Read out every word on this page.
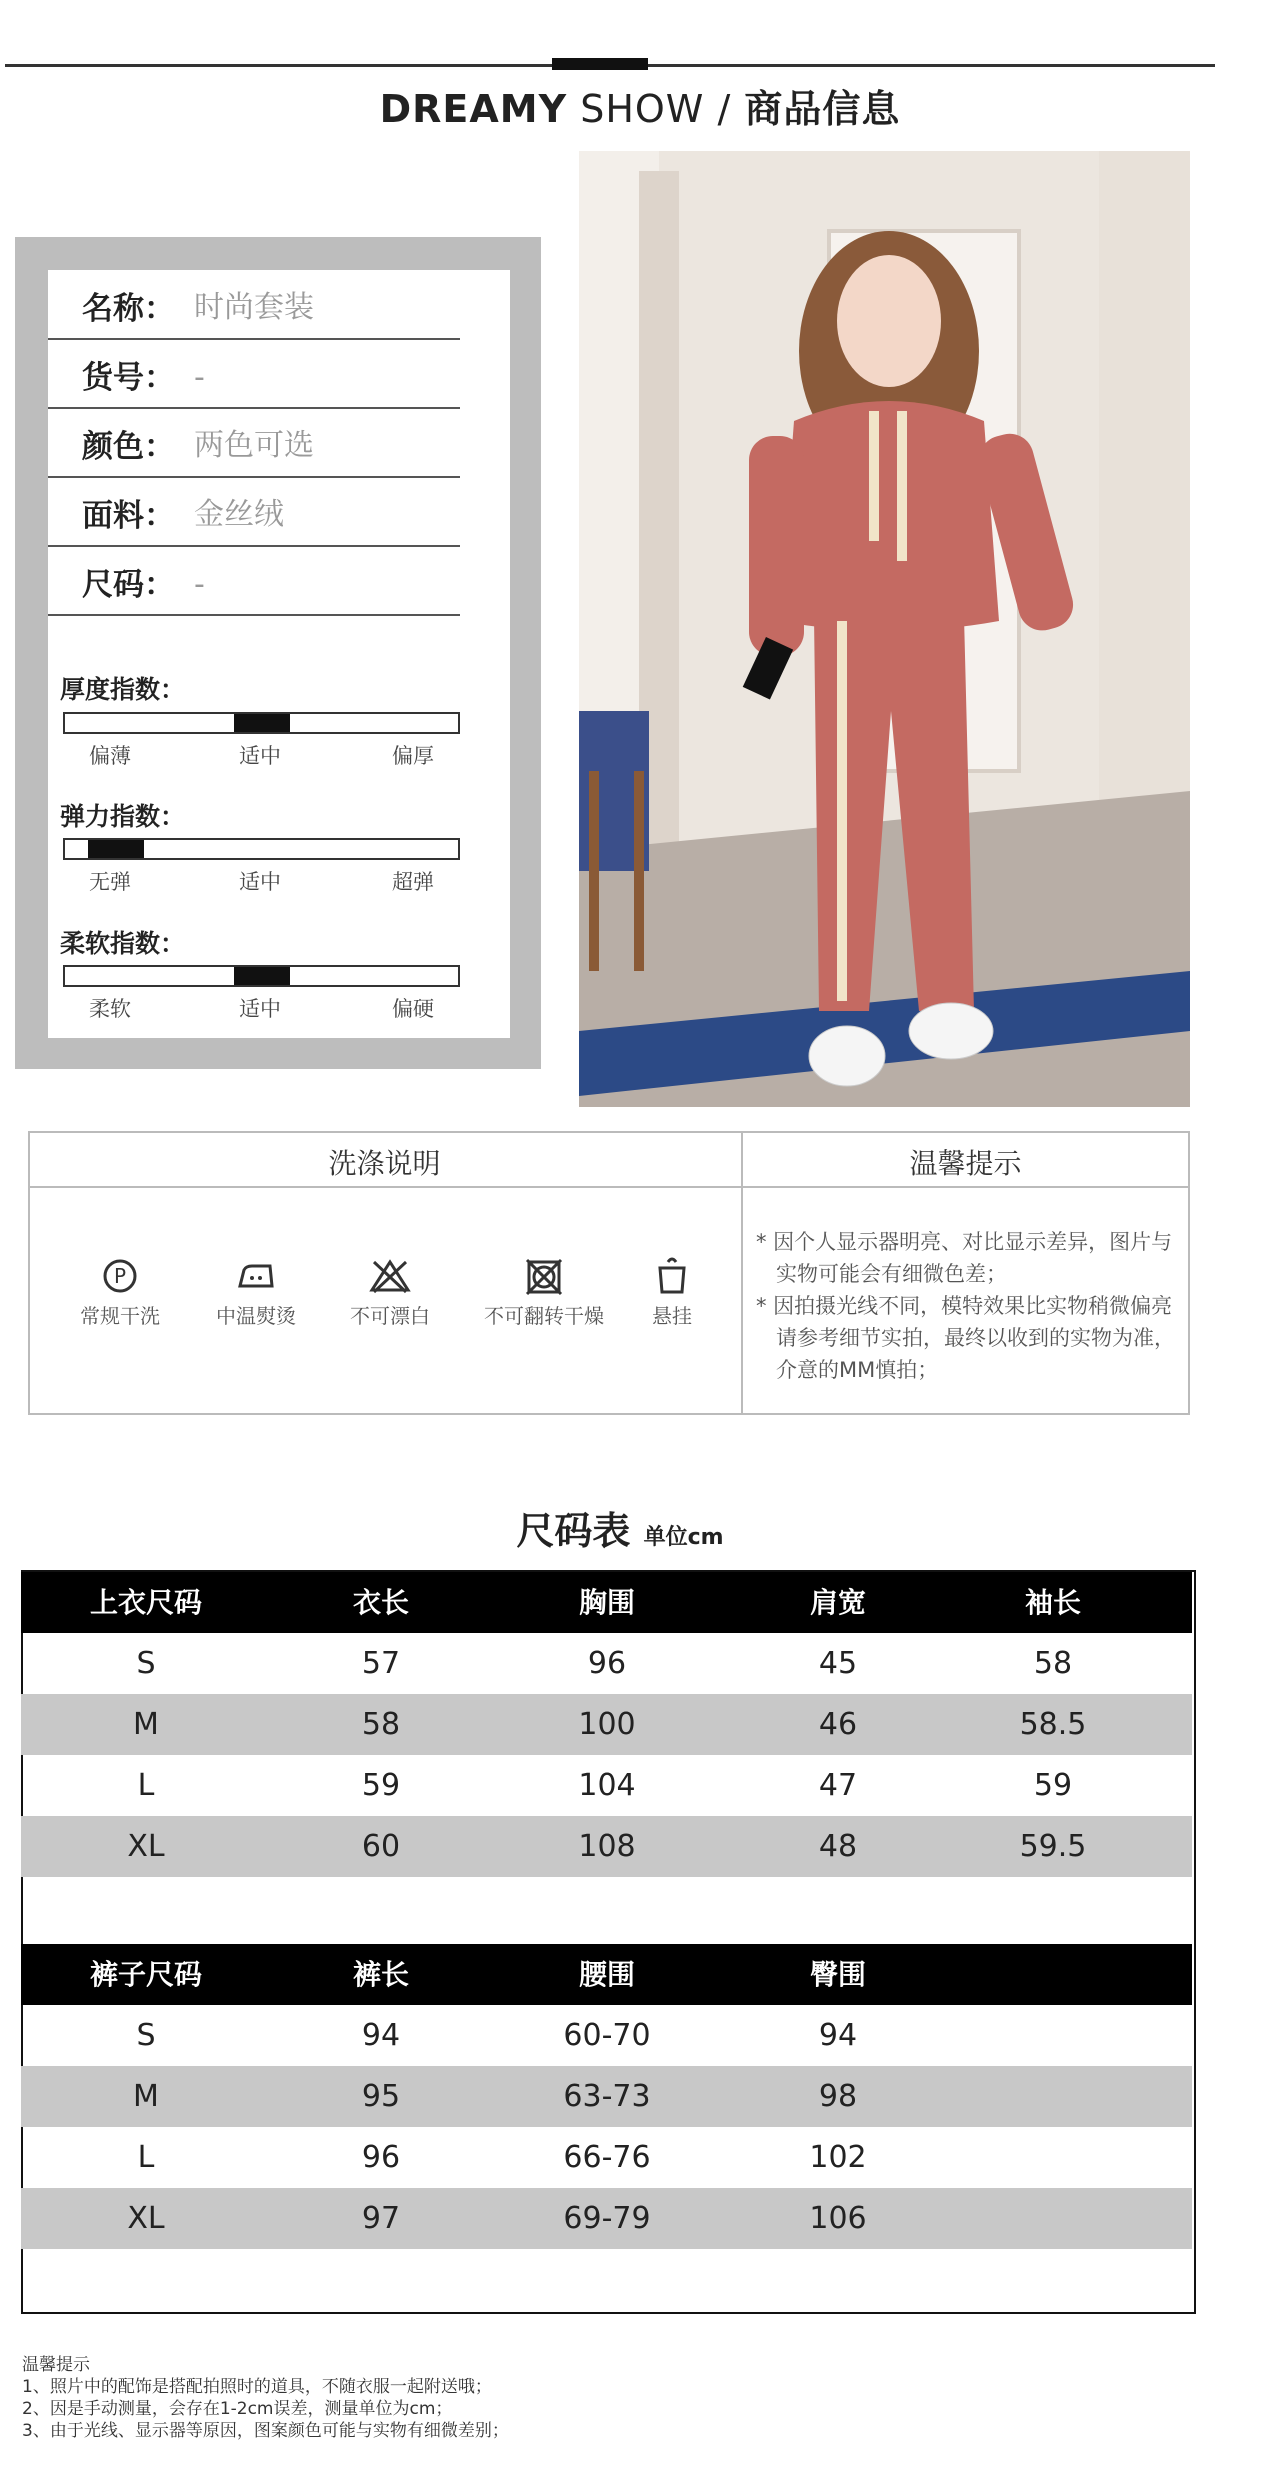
DREAMY SHOW / 商品信息
名称： 时尚套装
货号： -
颜色： 两色可选
面料： 金丝绒
尺码： -
厚度指数：
偏薄	适中	偏厚
弹力指数：
无弹	适中	超弹
柔软指数：
柔软	适中	偏硬
洗涤说明	温馨提示
P
常规干洗	中温熨烫	不可漂白	不可翻转干燥	悬挂
* 因个人显示器明亮、对比显示差异，图片与
实物可能会有细微色差；
* 因拍摄光线不同，模特效果比实物稍微偏亮
请参考细节实拍，最终以收到的实物为准，
介意的MM慎拍；
尺码表 单位cm
上衣尺码	衣长	胸围	肩宽	袖长
S	57	96	45	58
M	58	100	46	58.5
L	59	104	47	59
XL	60	108	48	59.5
裤子尺码	裤长	腰围	臀围
S	94	60-70	94
M	95	63-73	98
L	96	66-76	102
XL	97	69-79	106
温馨提示
1、照片中的配饰是搭配拍照时的道具，不随衣服一起附送哦；
2、因是手动测量，会存在1-2cm误差，测量单位为cm；
3、由于光线、显示器等原因，图案颜色可能与实物有细微差别；
